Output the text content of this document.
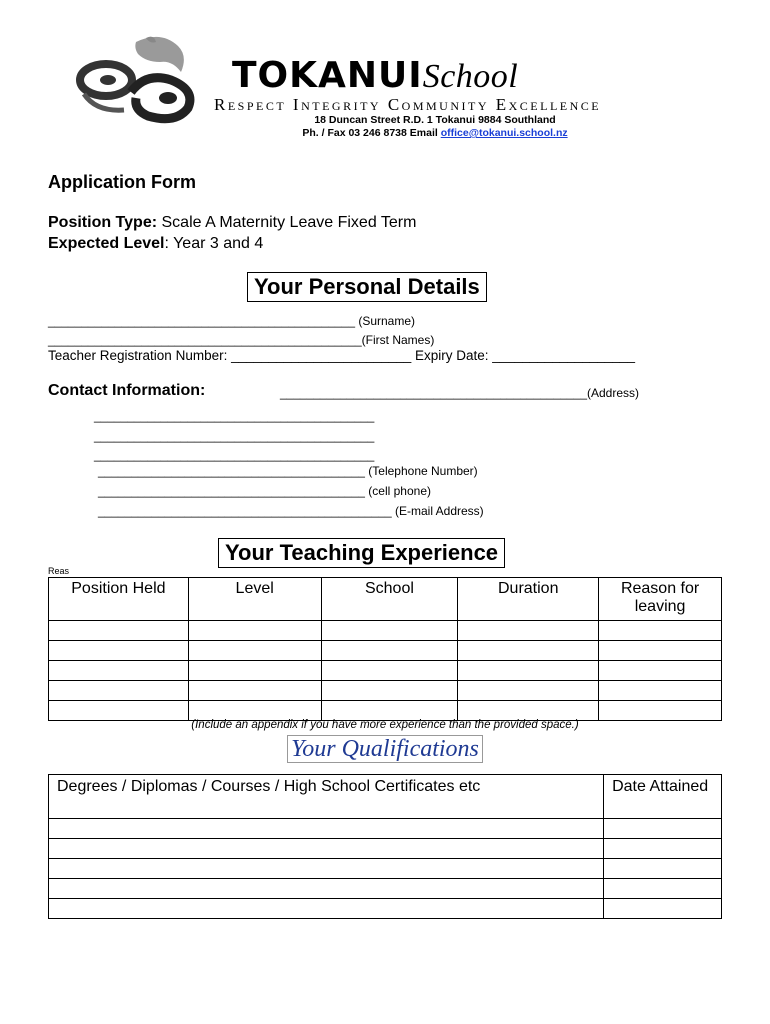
TOKANUISchool
Respect Integrity Community Excellence
18 Duncan Street R.D. 1 Tokanui 9884 Southland
Ph. / Fax 03 246 8738 Email office@tokanui.school.nz
Application Form
Position Type: Scale A Maternity Leave Fixed Term
Expected Level: Year 3 and 4
Your Personal Details
______________________________________________ (Surname)
_______________________________________________(First Names)
Teacher Registration Number: ________________________ Expiry Date: ___________________
Contact Information:	______________________________________________(Address)
__________________________________________
__________________________________________
__________________________________________
________________________________________ (Telephone Number)
________________________________________ (cell phone)
____________________________________________ (E-mail Address)
Your Teaching Experience
Reas
Position Held	Level	School	Duration	Reason for leaving

(Include an appendix if you have more experience than the provided space.)
Your Qualifications
Degrees / Diplomas / Courses / High School Certificates etc	Date Attained
